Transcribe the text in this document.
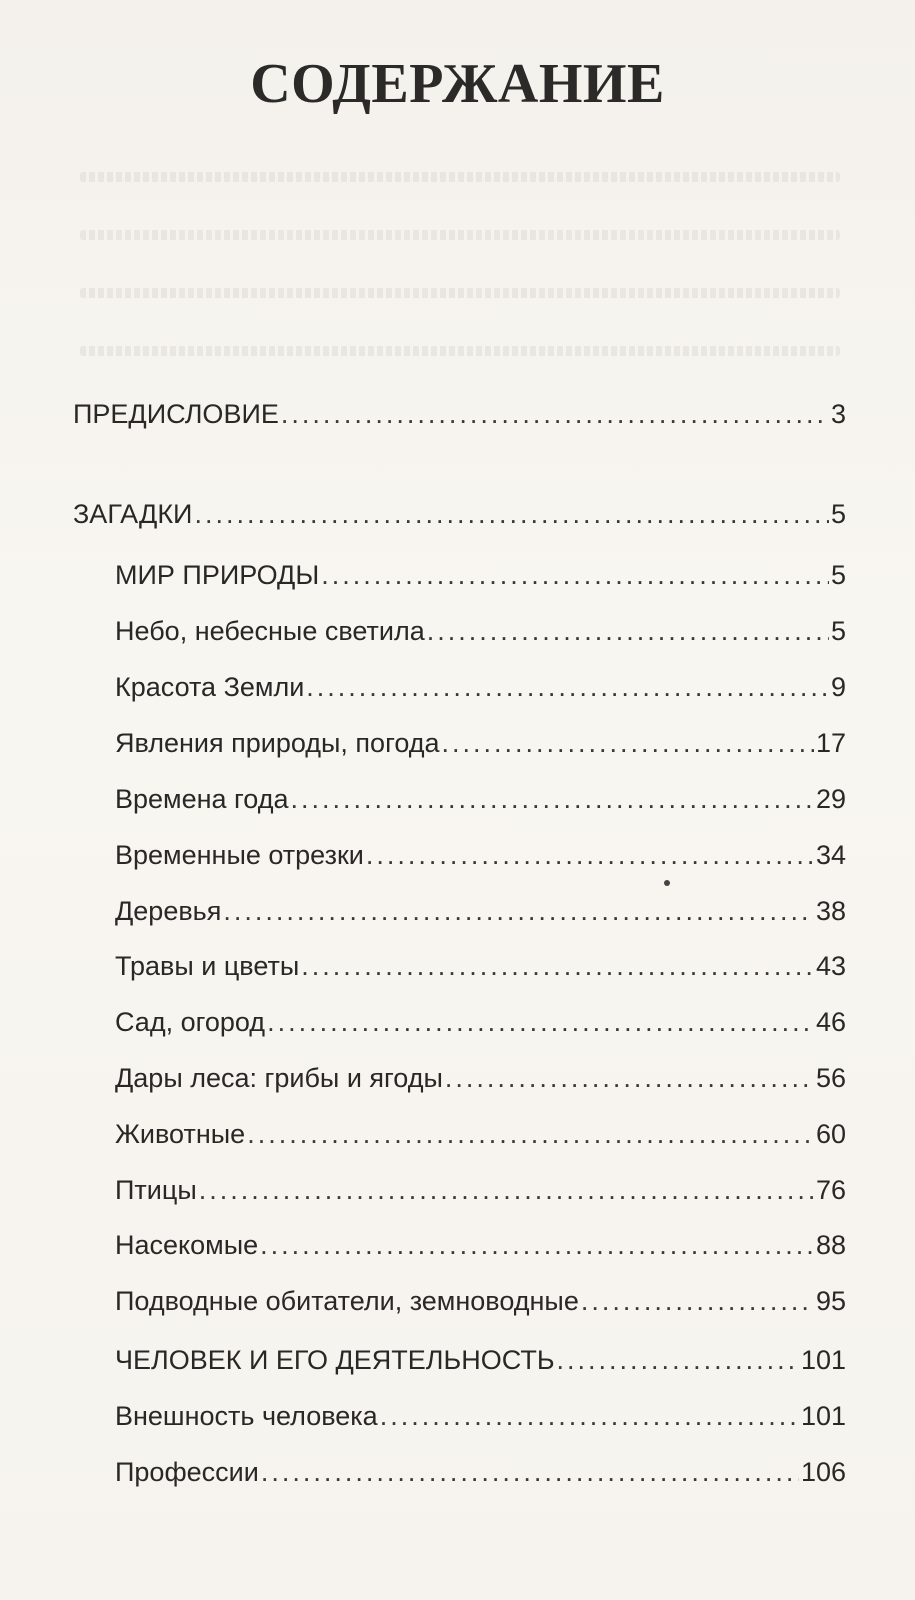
СОДЕРЖАНИЕ
ПРЕДИСЛОВИЕ .....	3
ЗАГАДКИ .....	5
МИР ПРИРОДЫ .....	5
Небо, небесные светила .....	5
Красота Земли .....	9
Явления природы, погода .....	17
Времена года .....	29
Временные отрезки .....	34
Деревья .....	38
Травы и цветы .....	43
Сад, огород .....	46
Дары леса: грибы и ягоды .....	56
Животные .....	60
Птицы .....	76
Насекомые .....	88
Подводные обитатели, земноводные .....	95
ЧЕЛОВЕК И ЕГО ДЕЯТЕЛЬНОСТЬ .....	101
Внешность человека .....	101
Профессии .....	106
